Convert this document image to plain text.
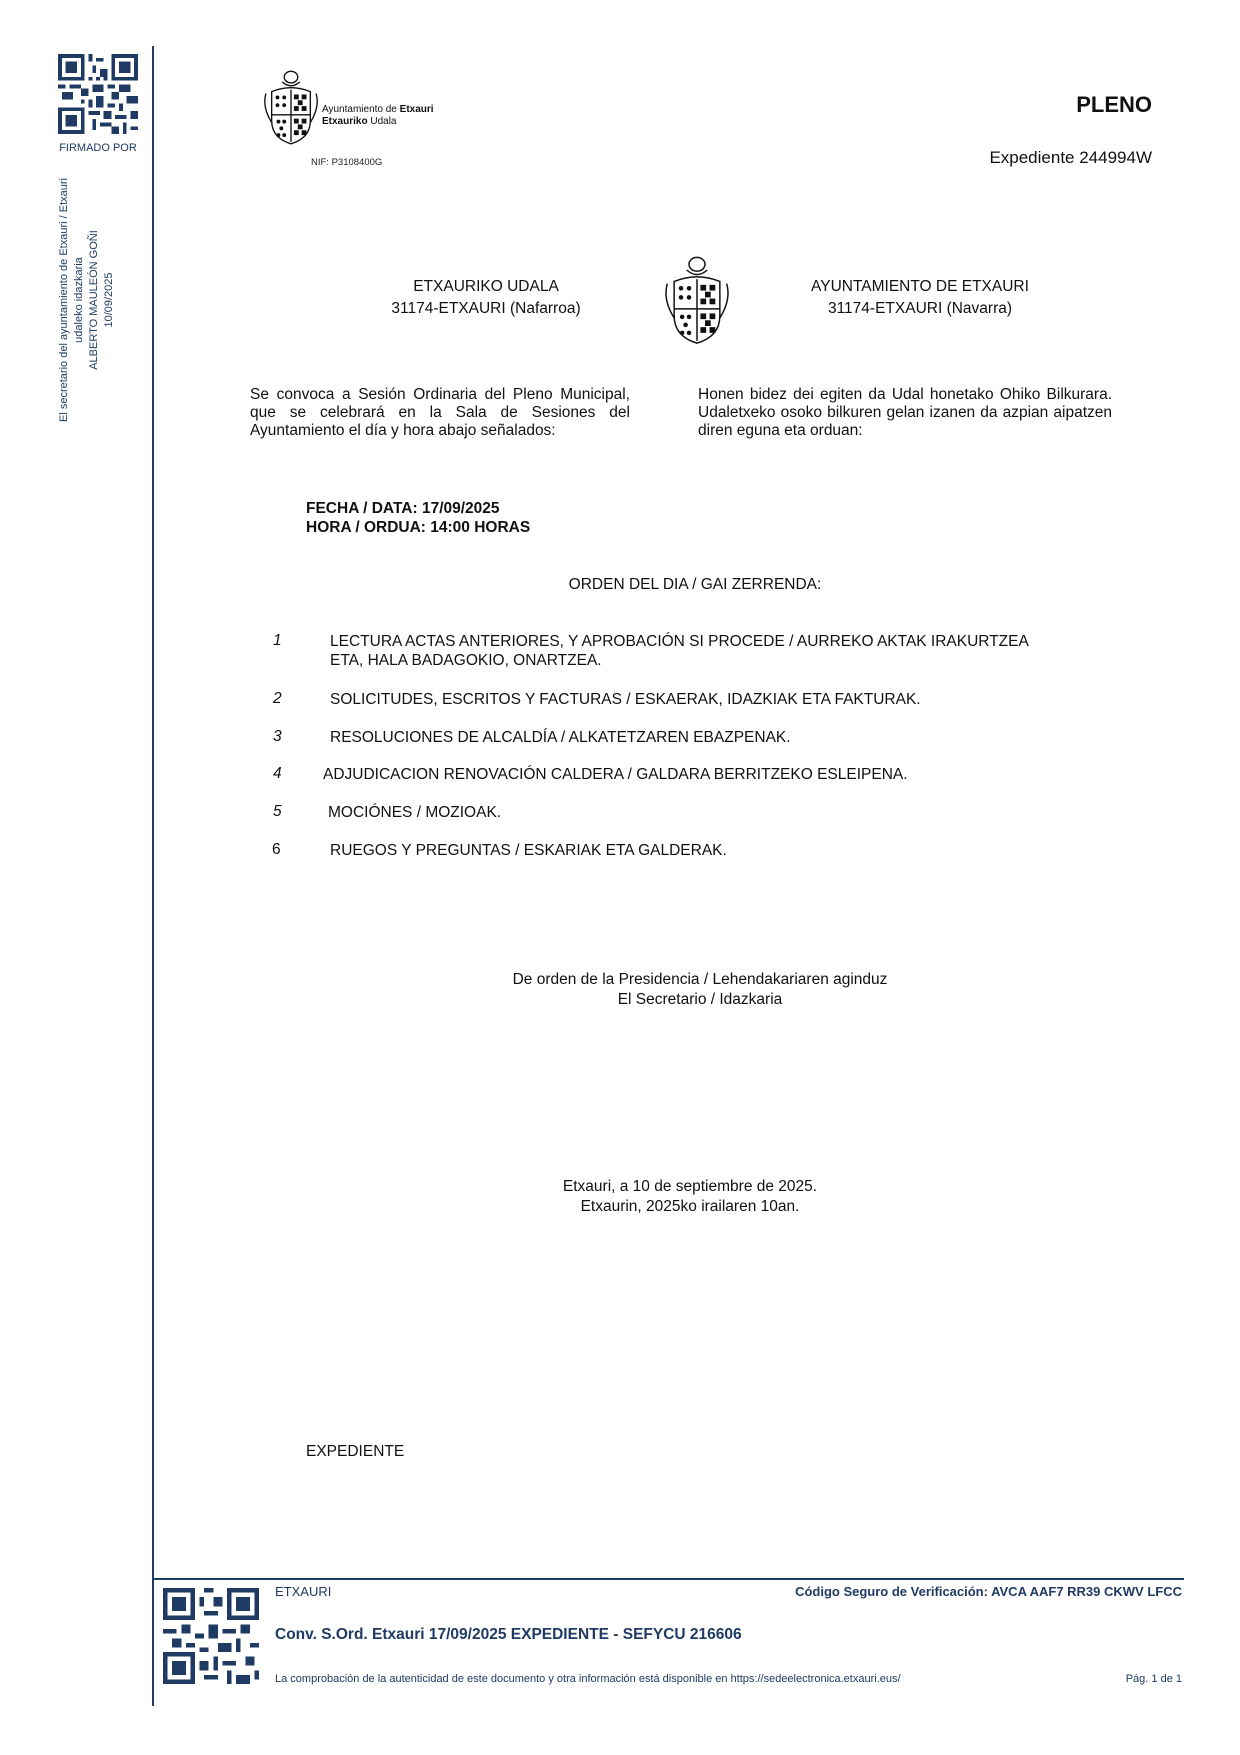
FIRMADO POR
El secretario del ayuntamiento de Etxauri / Etxauri udaleko idazkaria ALBERTO MAULEÓN GOÑI 10/09/2025
Ayuntamiento de Etxauri
Etxauriko Udala
NIF: P3108400G
PLENO
Expediente 244994W
ETXAURIKO UDALA
31174-ETXAURI (Nafarroa)
AYUNTAMIENTO DE ETXAURI
31174-ETXAURI (Navarra)
Se convoca a Sesión Ordinaria del Pleno Municipal, que se celebrará en la Sala de Sesiones del Ayuntamiento el día y hora abajo señalados:
Honen bidez dei egiten da Udal honetako Ohiko Bilkurara. Udaletxeko osoko bilkuren gelan izanen da azpian aipatzen diren eguna eta orduan:
FECHA / DATA: 17/09/2025
HORA / ORDUA: 14:00 HORAS
ORDEN DEL DIA / GAI ZERRENDA:
1	LECTURA ACTAS ANTERIORES, Y APROBACIÓN SI PROCEDE / AURREKO AKTAK IRAKURTZEA
ETA, HALA BADAGOKIO, ONARTZEA.
2	SOLICITUDES, ESCRITOS Y FACTURAS / ESKAERAK, IDAZKIAK ETA FAKTURAK.
3	RESOLUCIONES DE ALCALDÍA / ALKATETZAREN EBAZPENAK.
4	ADJUDICACION RENOVACIÓN CALDERA / GALDARA BERRITZEKO ESLEIPENA.
5	MOCIÓNES / MOZIOAK.
6	RUEGOS Y PREGUNTAS / ESKARIAK ETA GALDERAK.
De orden de la Presidencia / Lehendakariaren aginduz
El Secretario / Idazkaria
Etxauri, a 10 de septiembre de 2025.
Etxaurin, 2025ko irailaren 10an.
EXPEDIENTE
ETXAURI	Código Seguro de Verificación: AVCA AAF7 RR39 CKWV LFCC
Conv. S.Ord. Etxauri 17/09/2025 EXPEDIENTE - SEFYCU 216606
La comprobación de la autenticidad de este documento y otra información está disponible en https://sedeelectronica.etxauri.eus/	Pág. 1 de 1
